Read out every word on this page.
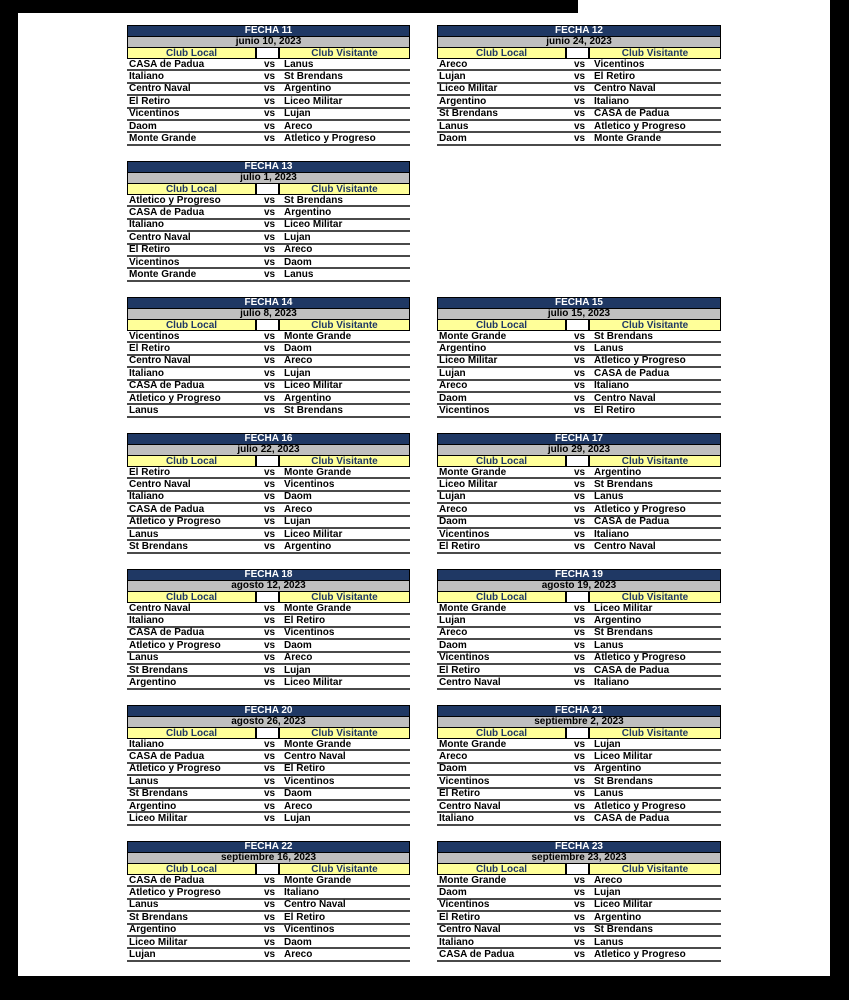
FECHA 11
junio 10, 2023
Club Local	Club Visitante
CASA de Padua	vs Lanus
Italiano	vs St Brendans
Centro Naval	vs Argentino
El Retiro	vs Liceo Militar
Vicentinos	vs Lujan
Daom	vs Areco
Monte Grande	vs Atletico y Progreso
FECHA 12
junio 24, 2023
Club Local	Club Visitante
Areco	vs Vicentinos
Lujan	vs El Retiro
Liceo Militar	vs Centro Naval
Argentino	vs Italiano
St Brendans	vs CASA de Padua
Lanus	vs Atletico y Progreso
Daom	vs Monte Grande
FECHA 13
julio 1, 2023
Club Local	Club Visitante
Atletico y Progreso	vs St Brendans
CASA de Padua	vs Argentino
Italiano	vs Liceo Militar
Centro Naval	vs Lujan
El Retiro	vs Areco
Vicentinos	vs Daom
Monte Grande	vs Lanus
FECHA 14
julio 8, 2023
Club Local	Club Visitante
Vicentinos	vs Monte Grande
El Retiro	vs Daom
Centro Naval	vs Areco
Italiano	vs Lujan
CASA de Padua	vs Liceo Militar
Atletico y Progreso	vs Argentino
Lanus	vs St Brendans
FECHA 15
julio 15, 2023
Club Local	Club Visitante
Monte Grande	vs St Brendans
Argentino	vs Lanus
Liceo Militar	vs Atletico y Progreso
Lujan	vs CASA de Padua
Areco	vs Italiano
Daom	vs Centro Naval
Vicentinos	vs El Retiro
FECHA 16
julio 22, 2023
Club Local	Club Visitante
El Retiro	vs Monte Grande
Centro Naval	vs Vicentinos
Italiano	vs Daom
CASA de Padua	vs Areco
Atletico y Progreso	vs Lujan
Lanus	vs Liceo Militar
St Brendans	vs Argentino
FECHA 17
julio 29, 2023
Club Local	Club Visitante
Monte Grande	vs Argentino
Liceo Militar	vs St Brendans
Lujan	vs Lanus
Areco	vs Atletico y Progreso
Daom	vs CASA de Padua
Vicentinos	vs Italiano
El Retiro	vs Centro Naval
FECHA 18
agosto 12, 2023
Club Local	Club Visitante
Centro Naval	vs Monte Grande
Italiano	vs El Retiro
CASA de Padua	vs Vicentinos
Atletico y Progreso	vs Daom
Lanus	vs Areco
St Brendans	vs Lujan
Argentino	vs Liceo Militar
FECHA 19
agosto 19, 2023
Club Local	Club Visitante
Monte Grande	vs Liceo Militar
Lujan	vs Argentino
Areco	vs St Brendans
Daom	vs Lanus
Vicentinos	vs Atletico y Progreso
El Retiro	vs CASA de Padua
Centro Naval	vs Italiano
FECHA 20
agosto 26, 2023
Club Local	Club Visitante
Italiano	vs Monte Grande
CASA de Padua	vs Centro Naval
Atletico y Progreso	vs El Retiro
Lanus	vs Vicentinos
St Brendans	vs Daom
Argentino	vs Areco
Liceo Militar	vs Lujan
FECHA 21
septiembre 2, 2023
Club Local	Club Visitante
Monte Grande	vs Lujan
Areco	vs Liceo Militar
Daom	vs Argentino
Vicentinos	vs St Brendans
El Retiro	vs Lanus
Centro Naval	vs Atletico y Progreso
Italiano	vs CASA de Padua
FECHA 22
septiembre 16, 2023
Club Local	Club Visitante
CASA de Padua	vs Monte Grande
Atletico y Progreso	vs Italiano
Lanus	vs Centro Naval
St Brendans	vs El Retiro
Argentino	vs Vicentinos
Liceo Militar	vs Daom
Lujan	vs Areco
FECHA 23
septiembre 23, 2023
Club Local	Club Visitante
Monte Grande	vs Areco
Daom	vs Lujan
Vicentinos	vs Liceo Militar
El Retiro	vs Argentino
Centro Naval	vs St Brendans
Italiano	vs Lanus
CASA de Padua	vs Atletico y Progreso
